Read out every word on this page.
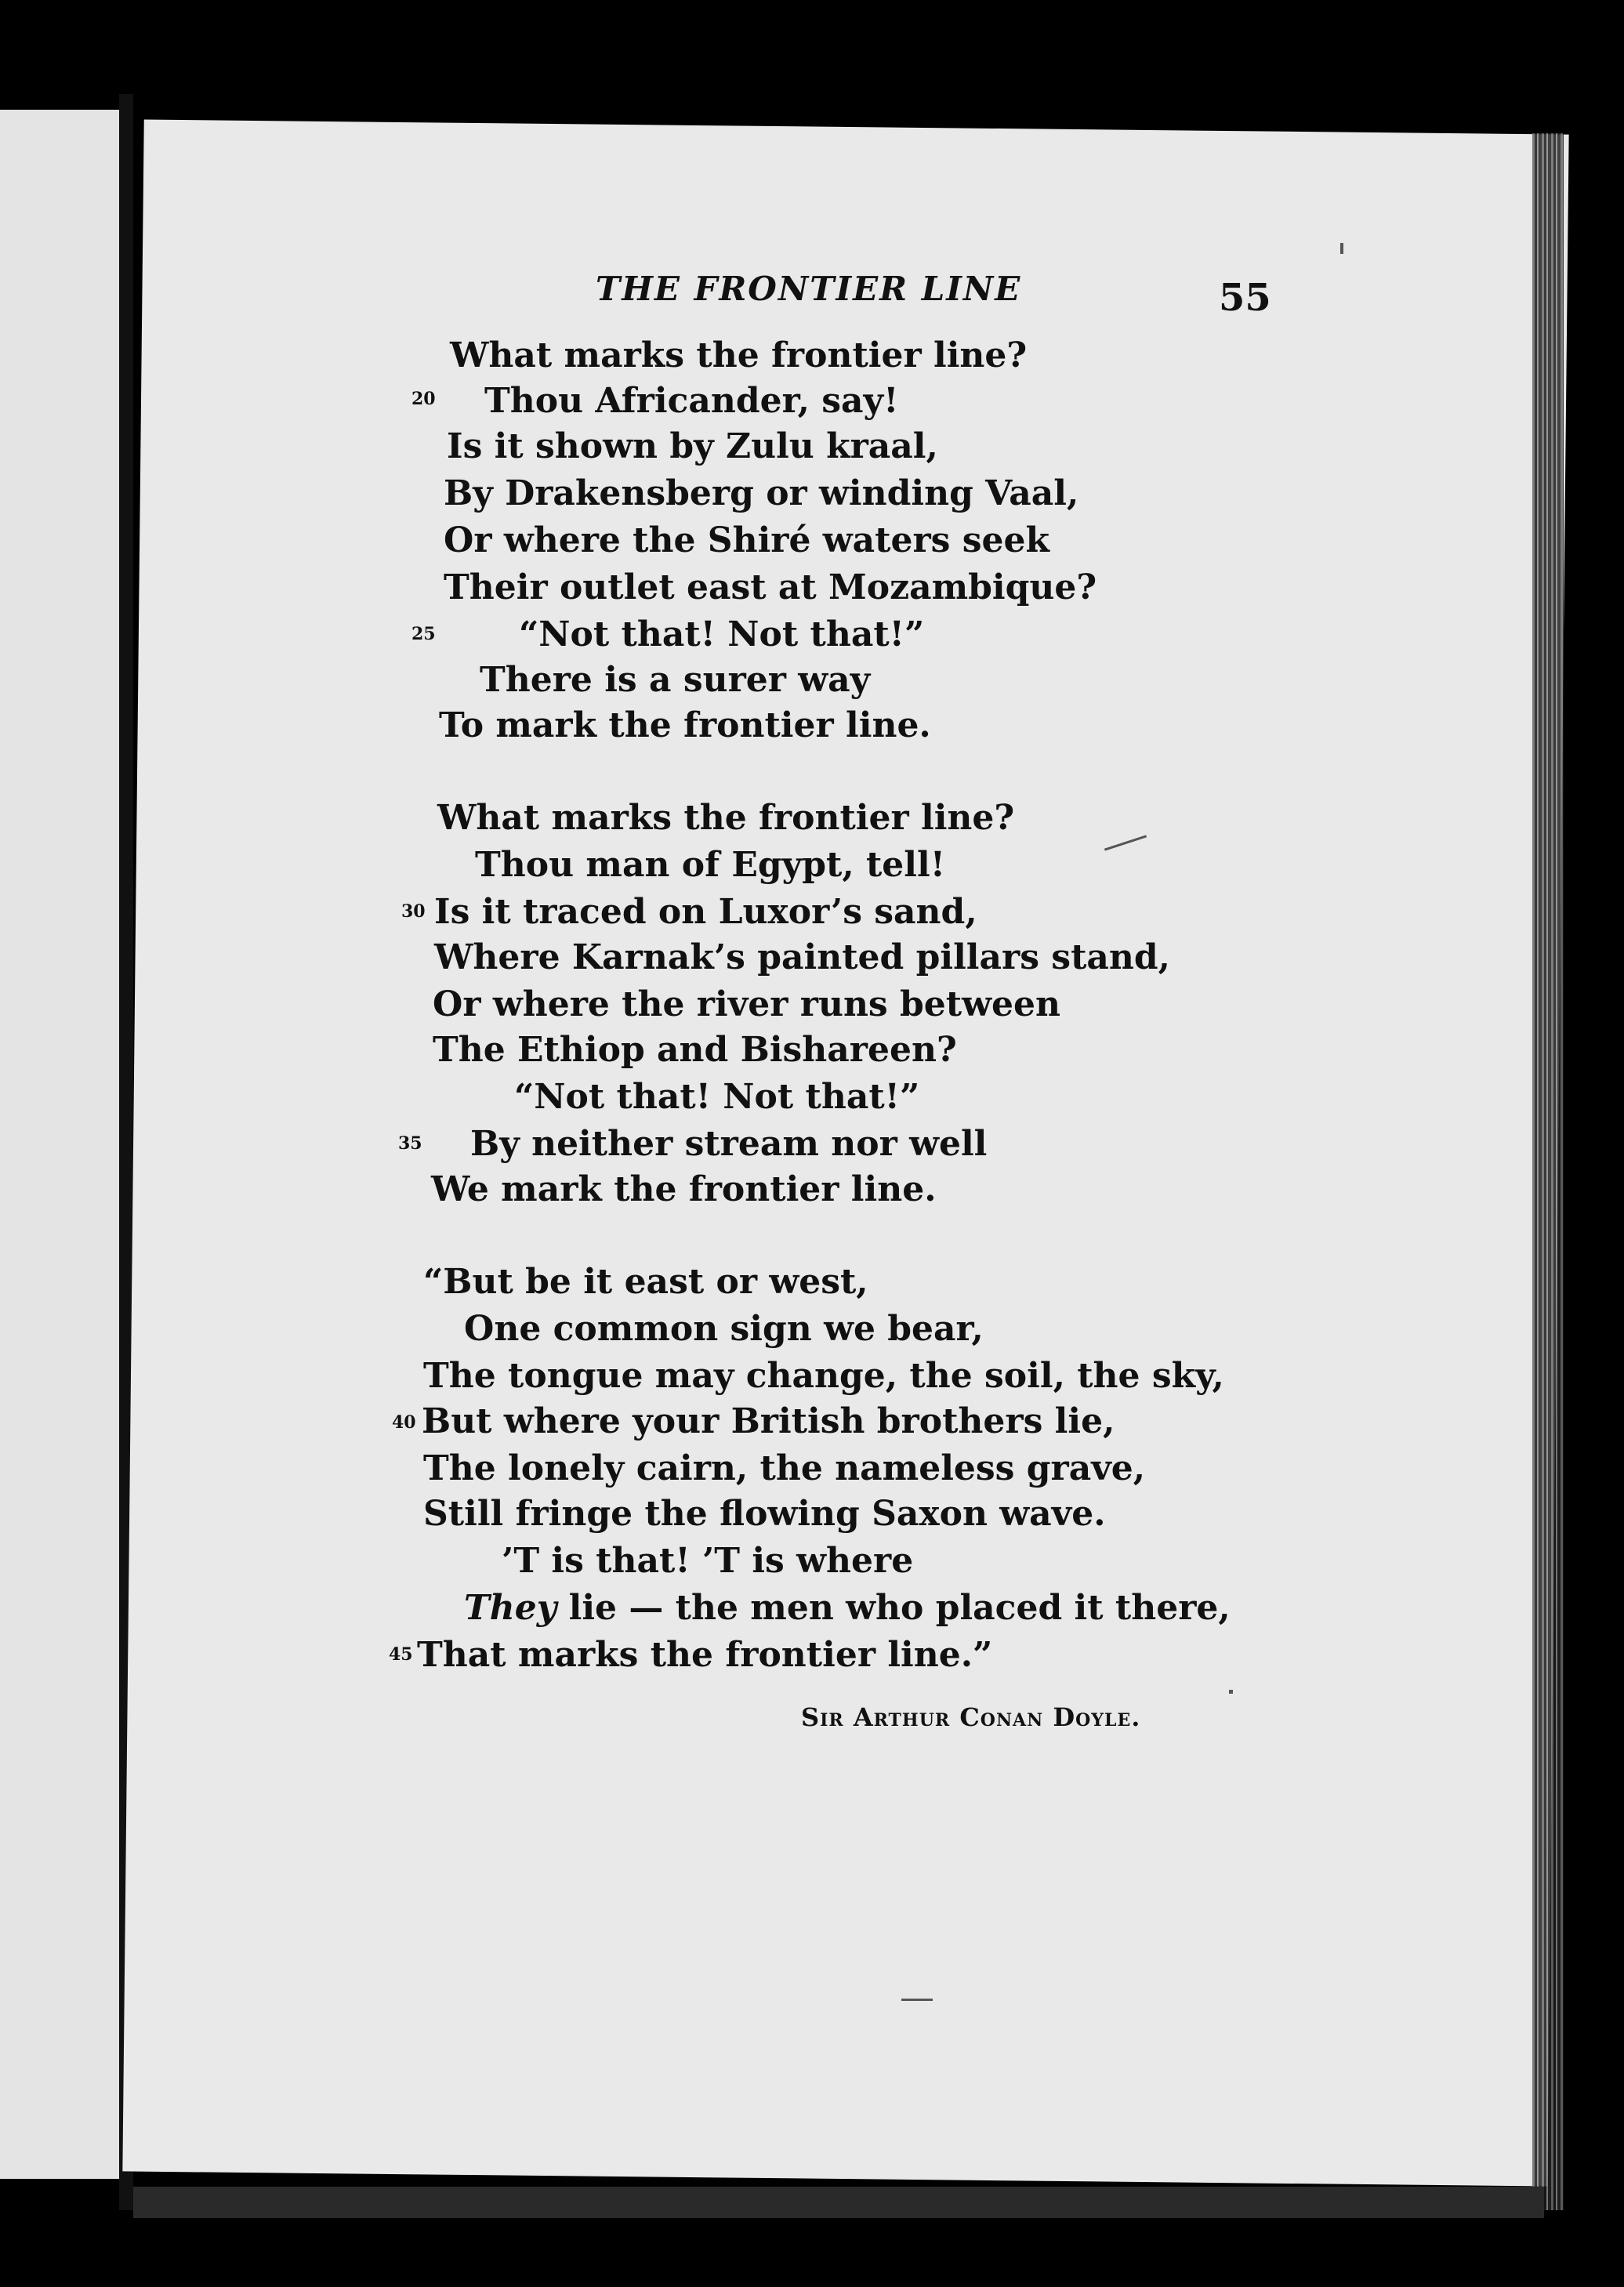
THE FRONTIER LINE	55
What marks the frontier line?
20 Thou Africander, say!
Is it shown by Zulu kraal,
By Drakensberg or winding Vaal,
Or where the Shiré waters seek
Their outlet east at Mozambique?
25 “Not that! Not that!”
There is a surer way
To mark the frontier line.
What marks the frontier line?
Thou man of Egypt, tell!
30 Is it traced on Luxor’s sand,
Where Karnak’s painted pillars stand,
Or where the river runs between
The Ethiop and Bishareen?
“Not that! Not that!”
35 By neither stream nor well
We mark the frontier line.
“But be it east or west,
One common sign we bear,
The tongue may change, the soil, the sky,
40 But where your British brothers lie,
The lonely cairn, the nameless grave,
Still fringe the flowing Saxon wave.
’T is that! ’T is where
They lie — the men who placed it there,
45 That marks the frontier line.”
Sir Arthur Conan Doyle.
